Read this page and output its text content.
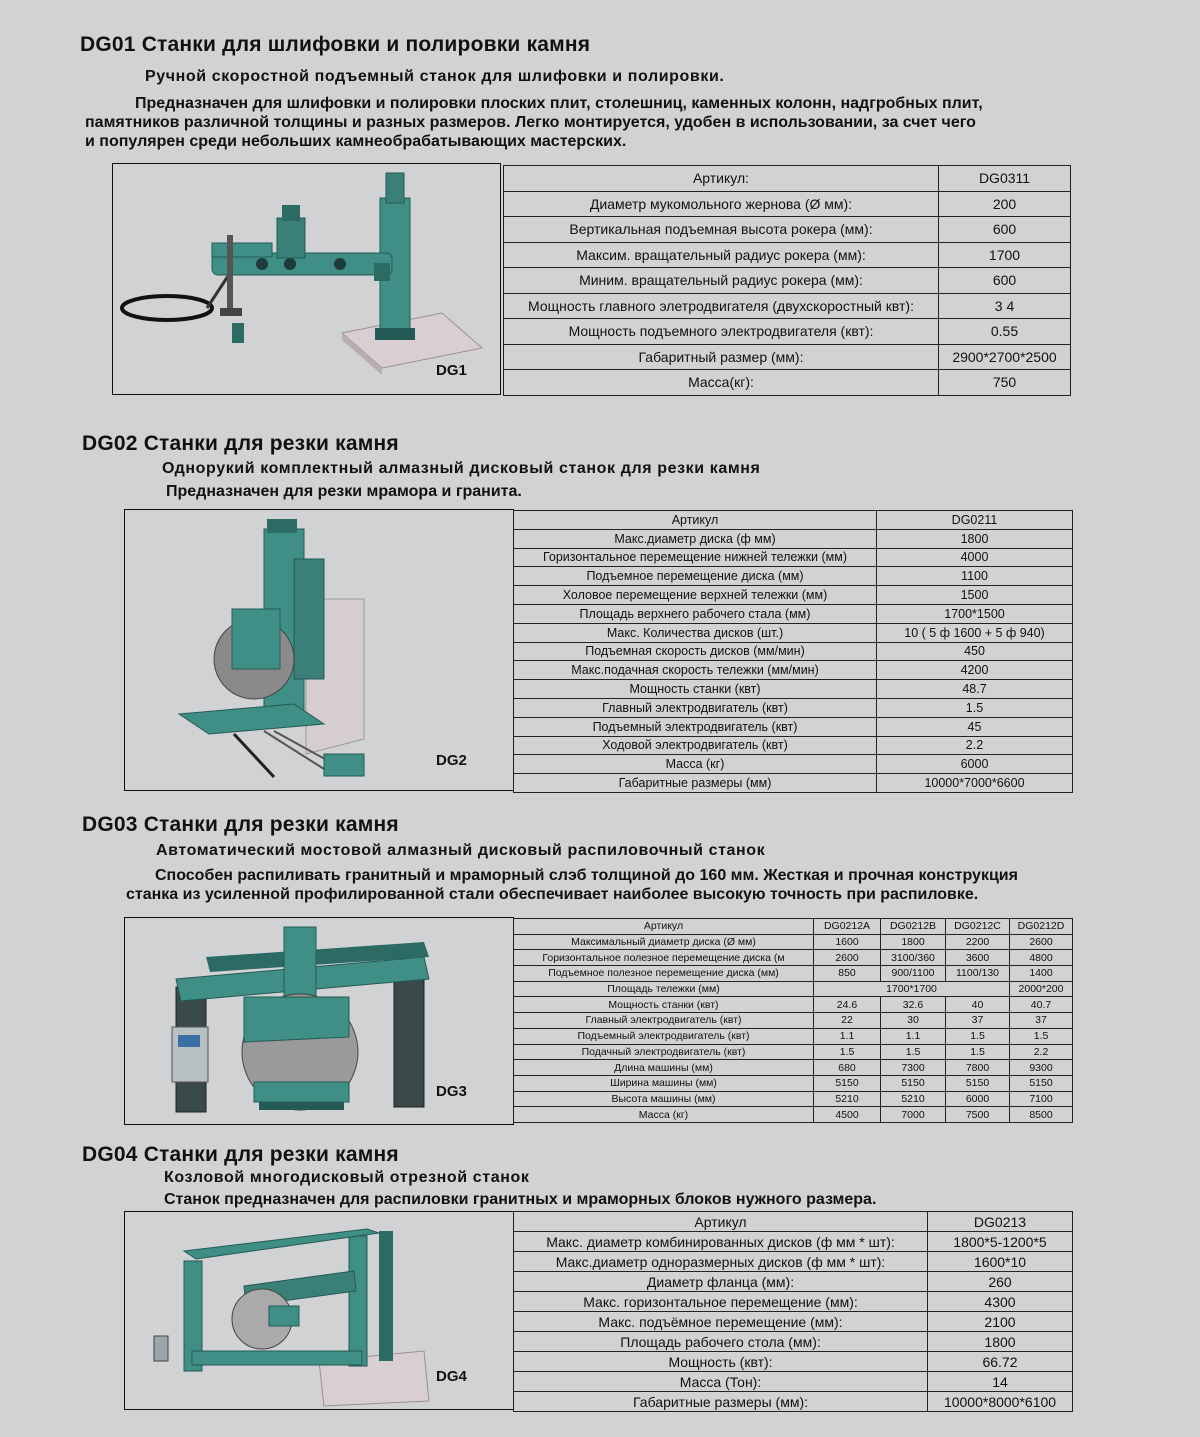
DG01 Станки для шлифовки и полировки камня
Ручной скоростной подъемный станок для шлифовки и полировки.
Предназначен для шлифовки и полировки плоских плит, столешниц, каменных колонн, надгробных плит,
памятников различной толщины и разных размеров. Легко монтируется, удобен в использовании, за счет чего
и популярен среди небольших камнеобрабатывающих мастерских.
DG1
Артикул:	DG0311
Диаметр мукомольного жернова (Ø мм):	200
Вертикальная подъемная высота рокера (мм):	600
Максим. вращательный радиус рокера (мм):	1700
Миним. вращательный радиус рокера (мм):	600
Мощность главного элетродвигателя (двухскоростный квт):	3 4
Мощность подъемного электродвигателя (квт):	0.55
Габаритный размер (мм):	2900*2700*2500
Масса(кг):	750
DG02 Станки для резки камня
Однорукий комплектный алмазный дисковый станок для резки камня
Предназначен для резки мрамора и гранита.
DG2
Артикул	DG0211
Макс.диаметр диска (ф мм)	1800
Горизонтальное перемещение нижней тележки (мм)	4000
Подъемное перемещение диска (мм)	1100
Холовое перемещение верхней тележки (мм)	1500
Площадь верхнего рабочего стала (мм)	1700*1500
Макс. Количества дисков (шт.)	10 ( 5 ф 1600 + 5 ф 940)
Подъемная скорость дисков (мм/мин)	450
Макс.подачная скорость тележки (мм/мин)	4200
Мощность станки (квт)	48.7
Главный электродвигатель (квт)	1.5
Подъемный электродвигатель (квт)	45
Ходовой электродвигатель (квт)	2.2
Масса (кг)	6000
Габаритные размеры (мм)	10000*7000*6600
DG03 Станки для резки камня
Автоматический мостовой алмазный дисковый распиловочный станок
Способен распиливать гранитный и мраморный слэб толщиной до 160 мм. Жесткая и прочная конструкция
станка из усиленной профилированной стали обеспечивает наиболее высокую точность при распиловке.
DG3
Артикул	DG0212A	DG0212B	DG0212C	DG0212D
Максимальный диаметр диска (Ø мм)	1600	1800	2200	2600
Горизонтальное полезное перемещение диска (м	2600	3100/360	3600	4800
Подъемное полезное перемещение диска (мм)	850	900/1100	1100/130	1400
Площадь тележки (мм)	1700*1700			2000*200
Мощность станки (квт)	24.6	32.6	40	40.7
Главный электродвигатель (квт)	22	30	37	37
Подъемный электродвигатель (квт)	1.1	1.1	1.5	1.5
Подачный электродвигатель (квт)	1.5	1.5	1.5	2.2
Длина машины (мм)	680	7300	7800	9300
Ширина машины (мм)	5150	5150	5150	5150
Высота машины (мм)	5210	5210	6000	7100
Масса (кг)	4500	7000	7500	8500
DG04 Станки для резки камня
Козловой многодисковый отрезной станок
Станок предназначен для распиловки гранитных и мраморных блоков нужного размера.
DG4
Артикул	DG0213
Макс. диаметр комбинированных дисков (ф мм * шт):	1800*5-1200*5
Макс.диаметр одноразмерных дисков (ф мм * шт):	1600*10
Диаметр фланца (мм):	260
Макс. горизонтальное перемещение (мм):	4300
Макс. подъёмное перемещение (мм):	2100
Площадь рабочего стола (мм):	1800
Мощность (квт):	66.72
Масса (Тон):	14
Габаритные размеры (мм):	10000*8000*6100
